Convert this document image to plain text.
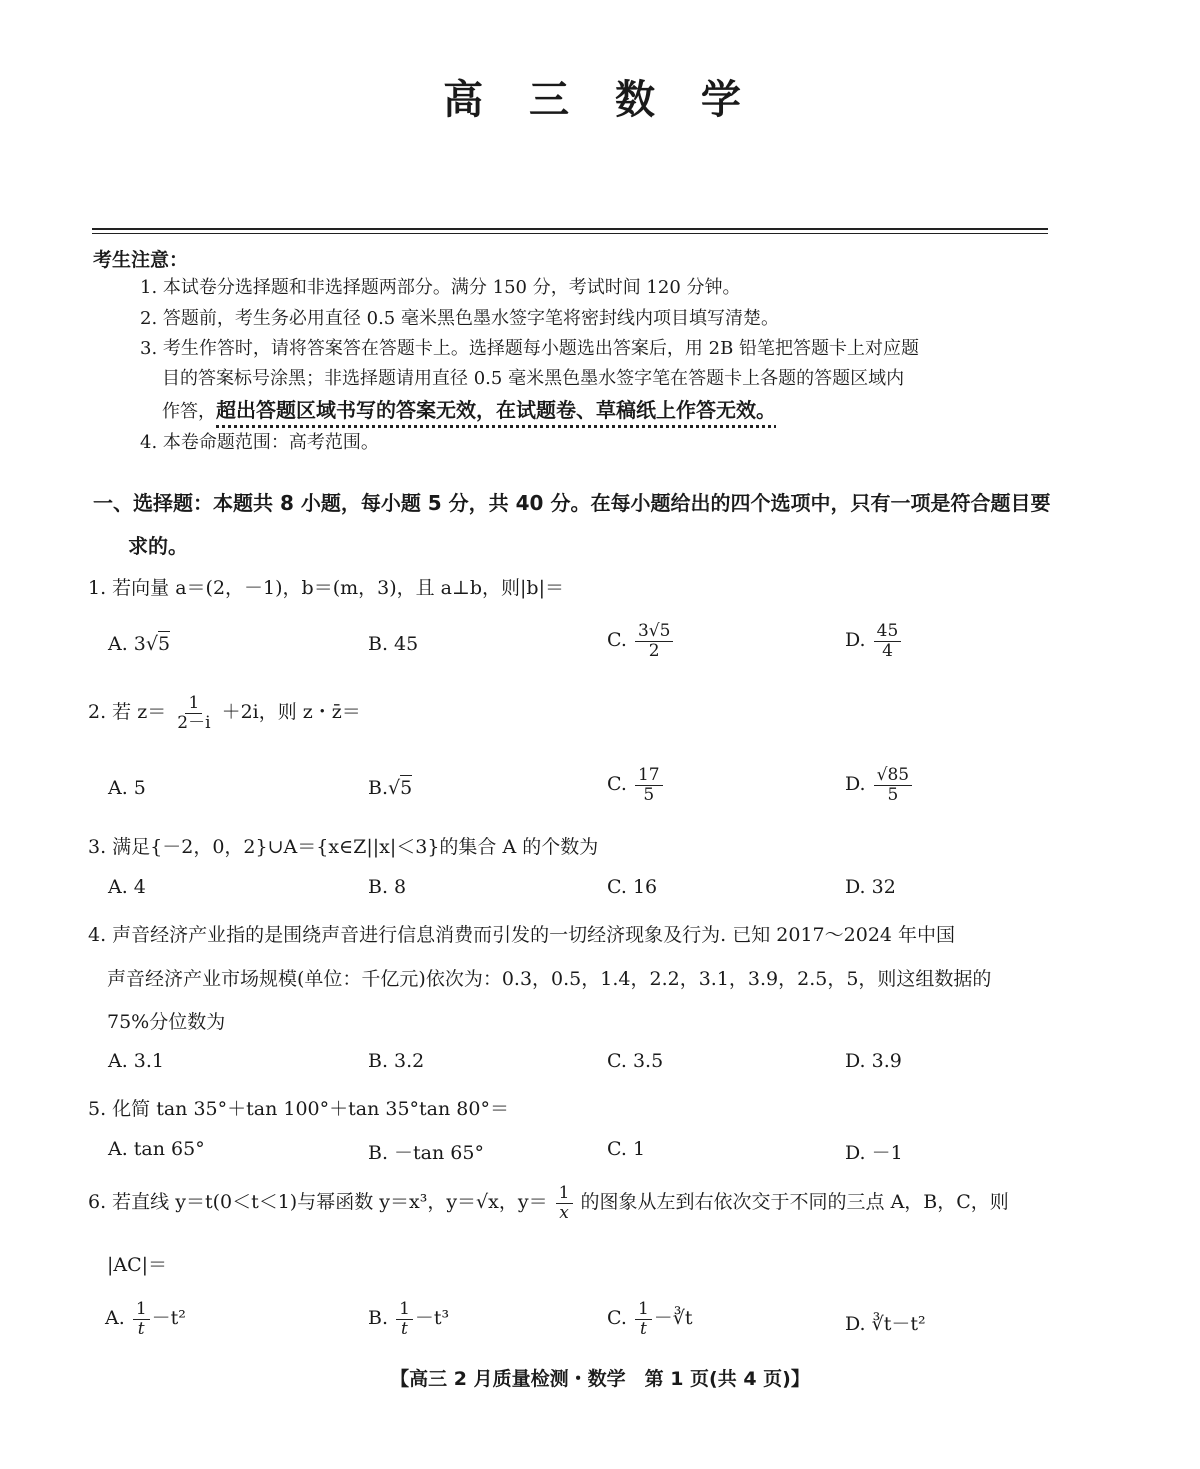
高 三 数 学
考生注意：
1. 本试卷分选择题和非选择题两部分。满分 150 分，考试时间 120 分钟。
2. 答题前，考生务必用直径 0.5 毫米黑色墨水签字笔将密封线内项目填写清楚。
3. 考生作答时，请将答案答在答题卡上。选择题每小题选出答案后，用 2B 铅笔把答题卡上对应题
目的答案标号涂黑；非选择题请用直径 0.5 毫米黑色墨水签字笔在答题卡上各题的答题区域内
作答，超出答题区域书写的答案无效，在试题卷、草稿纸上作答无效。
4. 本卷命题范围：高考范围。
一、选择题：本题共 8 小题，每小题 5 分，共 40 分。在每小题给出的四个选项中，只有一项是符合题目要
求的。
1. 若向量 a＝(2，－1)，b＝(m，3)，且 a⊥b，则|b|＝
A. 3√5	B. 45	C. $\frac{3√5}{2}$	D. $\frac{45}{4}$
2. 若 $z= \frac{1}{2-i} +2i$，则 z・z̄＝
A. 5	B.√5	C. $\frac{17}{5}$	D. $\frac{√85}{5}$
3. 满足{－2，0，2}∪A＝{x∈Z||x|＜3}的集合 A 的个数为
A. 4	B. 8	C. 16	D. 32
4. 声音经济产业指的是围绕声音进行信息消费而引发的一切经济现象及行为. 已知 2017～2024 年中国
声音经济产业市场规模(单位：千亿元)依次为：0.3，0.5，1.4，2.2，3.1，3.9，2.5，5，则这组数据的
75%分位数为
A. 3.1	B. 3.2	C. 3.5	D. 3.9
5. 化简 tan 35°＋tan 100°＋tan 35°tan 80°＝
A. tan 65°	B. －tan 65°	C. 1	D. －1
6. 若直线 y＝t(0＜t＜1)与幂函数 y＝x³，y＝√x，$y= \frac{1}{x}$ 的图象从左到右依次交于不同的三点 A，B，C，则
|AC|＝
A. $\frac{1}{t} -t^2$	B. $\frac{1}{t} -t^3$	C. $\frac{1}{t}$ －∛t	D. ∛t－t²
【高三 2 月质量检测・数学　第 1 页(共 4 页)】
